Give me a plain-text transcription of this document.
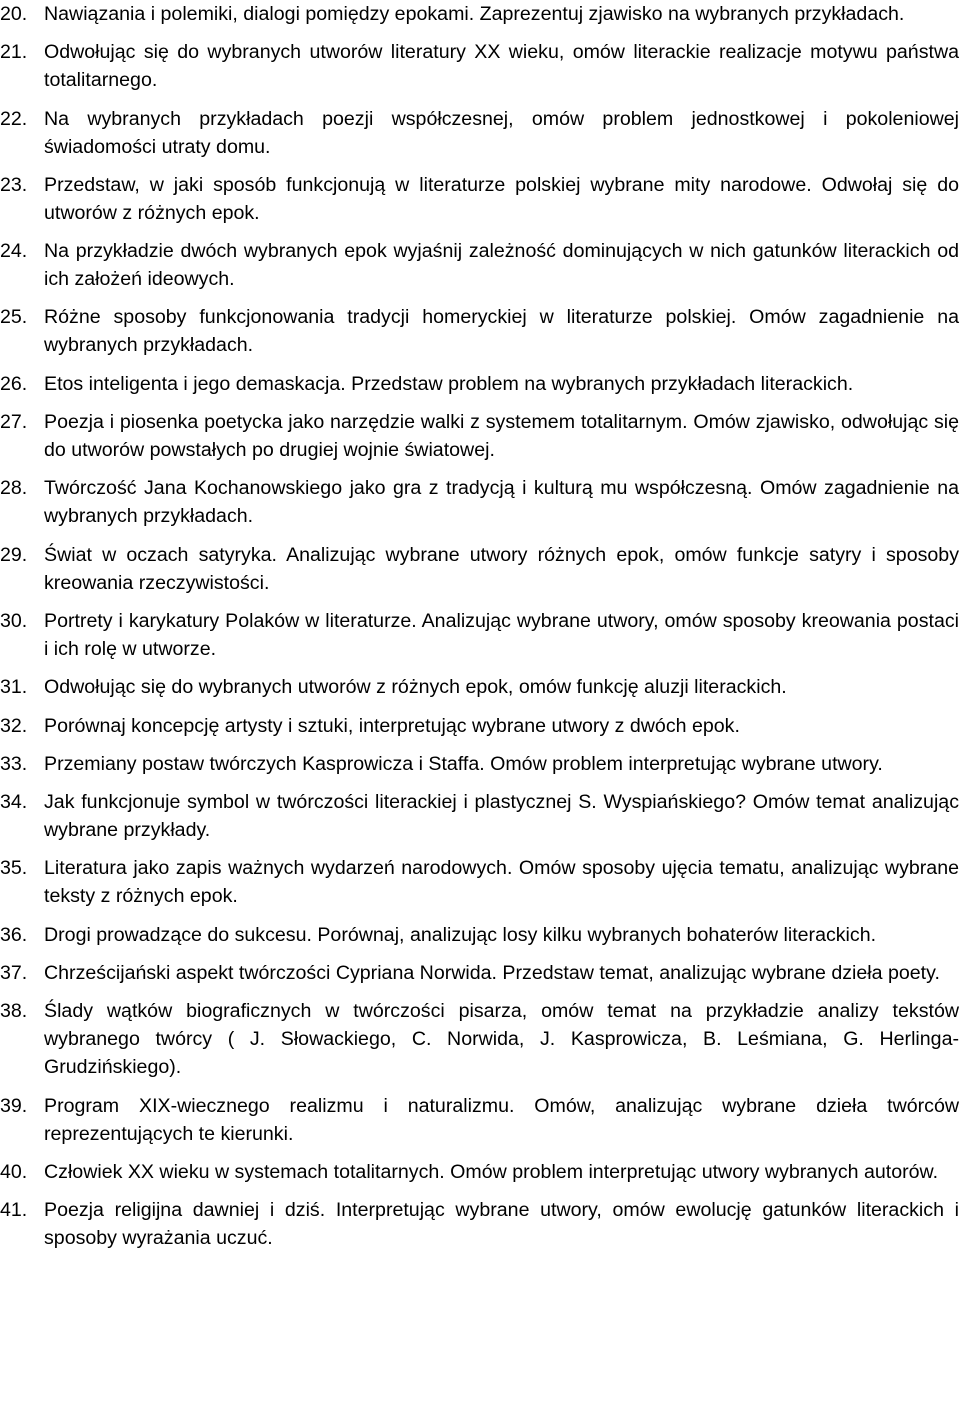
20. Nawiązania i polemiki, dialogi pomiędzy epokami. Zaprezentuj zjawisko na wybranych przykładach.
21. Odwołując się do wybranych utworów literatury XX wieku, omów literackie realizacje motywu państwa totalitarnego.
22. Na wybranych przykładach poezji współczesnej, omów problem jednostkowej i pokoleniowej świadomości utraty domu.
23. Przedstaw, w jaki sposób funkcjonują w literaturze polskiej wybrane mity narodowe. Odwołaj się do utworów z różnych epok.
24. Na przykładzie dwóch wybranych epok wyjaśnij zależność dominujących w nich gatunków literackich od ich założeń ideowych.
25. Różne sposoby funkcjonowania tradycji homeryckiej w literaturze polskiej. Omów zagadnienie na wybranych przykładach.
26. Etos inteligenta i jego demaskacja. Przedstaw problem na wybranych przykładach literackich.
27. Poezja i piosenka poetycka jako narzędzie walki z systemem totalitarnym. Omów zjawisko, odwołując się do utworów powstałych po drugiej wojnie światowej.
28. Twórczość Jana Kochanowskiego jako gra z tradycją i kulturą mu współczesną. Omów zagadnienie na wybranych przykładach.
29. Świat w oczach satyryka. Analizując wybrane utwory różnych epok, omów funkcje satyry i sposoby kreowania rzeczywistości.
30. Portrety i karykatury Polaków w literaturze. Analizując wybrane utwory, omów sposoby kreowania postaci i ich rolę w utworze.
31. Odwołując się do wybranych utworów z różnych epok, omów funkcję aluzji literackich.
32. Porównaj koncepcję artysty i sztuki, interpretując wybrane utwory z dwóch epok.
33. Przemiany postaw twórczych Kasprowicza i Staffa. Omów problem interpretując wybrane utwory.
34. Jak funkcjonuje symbol w twórczości literackiej i plastycznej S. Wyspiańskiego? Omów temat analizując wybrane przykłady.
35. Literatura jako zapis ważnych wydarzeń narodowych. Omów sposoby ujęcia tematu, analizując wybrane teksty z różnych epok.
36. Drogi prowadzące do sukcesu. Porównaj, analizując losy kilku wybranych bohaterów literackich.
37. Chrześcijański aspekt twórczości Cypriana Norwida. Przedstaw temat, analizując wybrane dzieła poety.
38. Ślady wątków biograficznych w twórczości pisarza, omów temat na przykładzie analizy tekstów wybranego twórcy ( J. Słowackiego, C. Norwida, J. Kasprowicza, B. Leśmiana, G. Herlinga-Grudzińskiego).
39. Program XIX-wiecznego realizmu i naturalizmu. Omów, analizując wybrane dzieła twórców reprezentujących te kierunki.
40. Człowiek XX wieku w systemach totalitarnych. Omów problem interpretując utwory wybranych autorów.
41. Poezja religijna dawniej i dziś. Interpretując wybrane utwory, omów ewolucję gatunków literackich i sposoby wyrażania uczuć.
